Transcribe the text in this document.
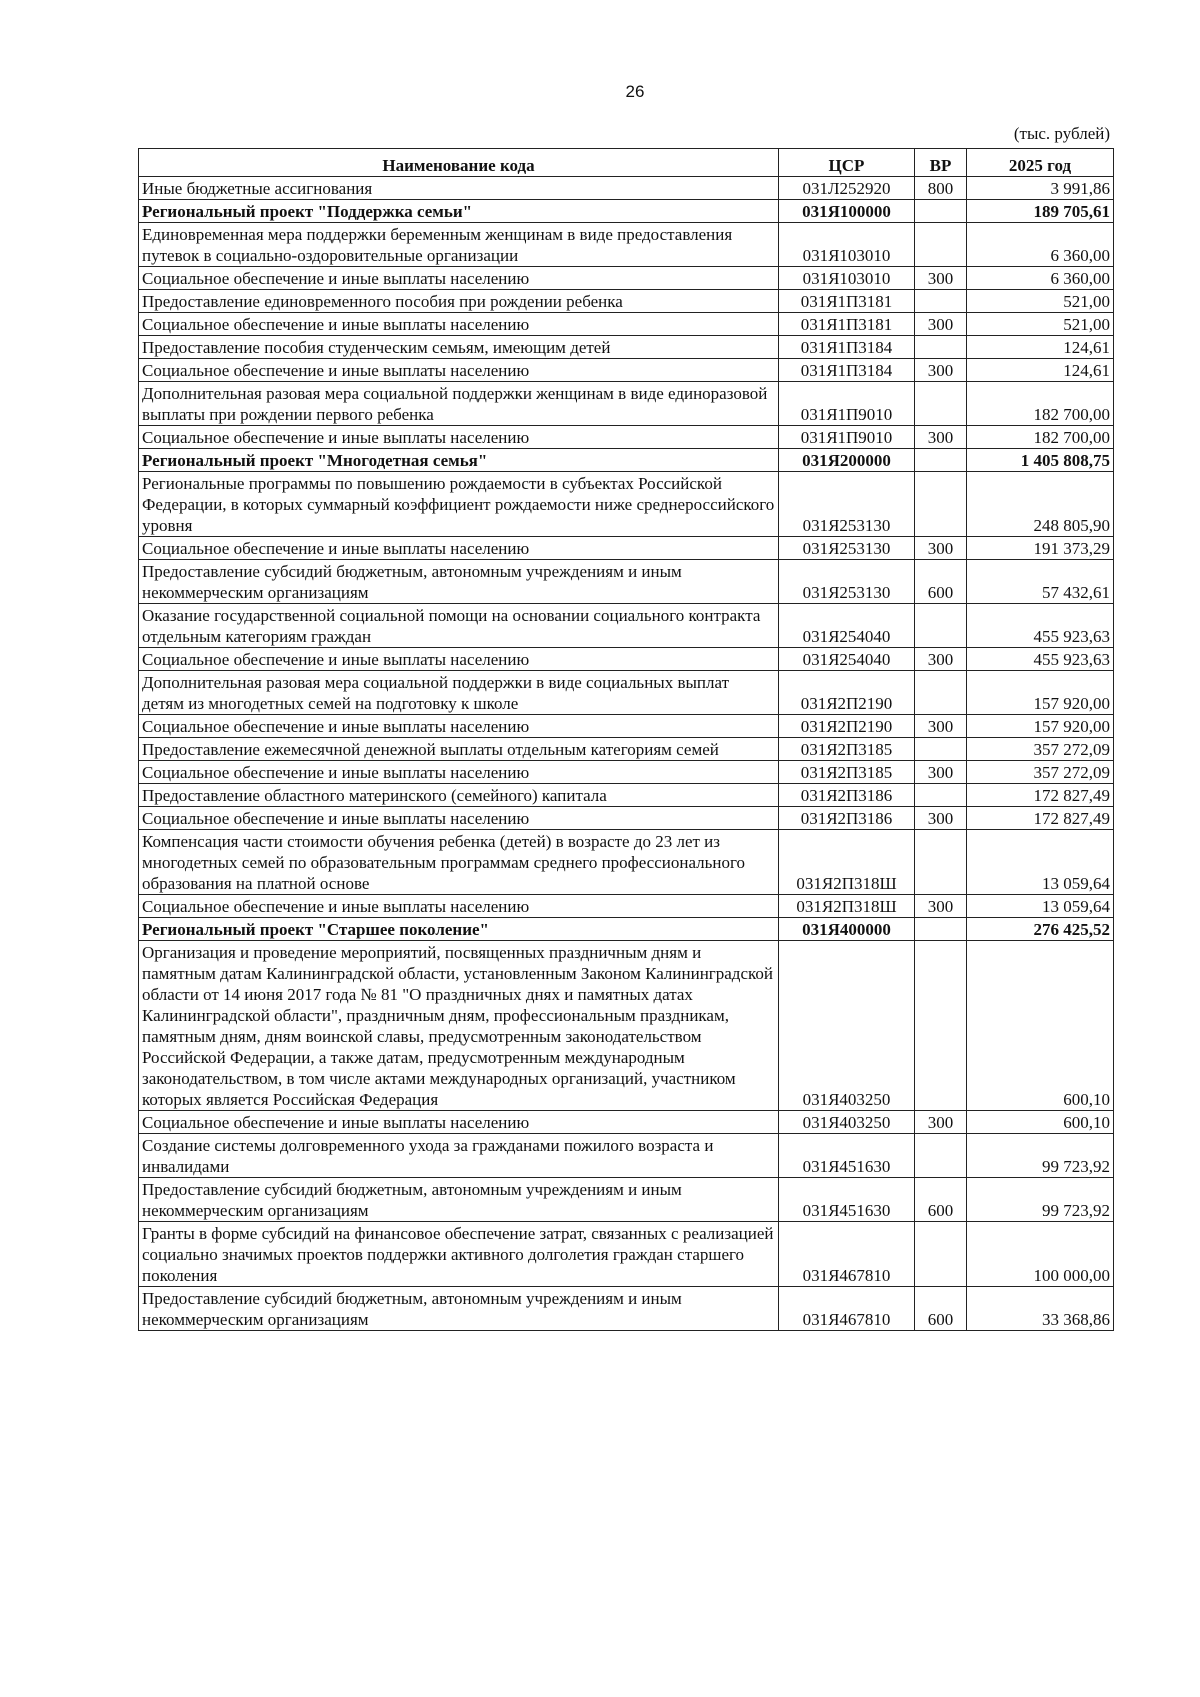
26
(тыс. рублей)
Наименование кода	ЦСР	ВР	2025 год
Иные бюджетные ассигнования	031Л252920	800	3 991,86
Региональный проект "Поддержка семьи"	031Я100000		189 705,61
Единовременная мера поддержки беременным женщинам в виде предоставления путевок в социально-оздоровительные организации	031Я103010		6 360,00
Социальное обеспечение и иные выплаты населению	031Я103010	300	6 360,00
Предоставление единовременного пособия при рождении ребенка	031Я1П3181		521,00
Социальное обеспечение и иные выплаты населению	031Я1П3181	300	521,00
Предоставление пособия студенческим семьям, имеющим детей	031Я1П3184		124,61
Социальное обеспечение и иные выплаты населению	031Я1П3184	300	124,61
Дополнительная разовая мера социальной поддержки женщинам в виде единоразовой выплаты при рождении первого ребенка	031Я1П9010		182 700,00
Социальное обеспечение и иные выплаты населению	031Я1П9010	300	182 700,00
Региональный проект "Многодетная семья"	031Я200000		1 405 808,75
Региональные программы по повышению рождаемости в субъектах Российской Федерации, в которых суммарный коэффициент рождаемости ниже среднероссийского уровня	031Я253130		248 805,90
Социальное обеспечение и иные выплаты населению	031Я253130	300	191 373,29
Предоставление субсидий бюджетным, автономным учреждениям и иным некоммерческим организациям	031Я253130	600	57 432,61
Оказание государственной социальной помощи на основании социального контракта отдельным категориям граждан	031Я254040		455 923,63
Социальное обеспечение и иные выплаты населению	031Я254040	300	455 923,63
Дополнительная разовая мера социальной поддержки в виде социальных выплат детям из многодетных семей на подготовку к школе	031Я2П2190		157 920,00
Социальное обеспечение и иные выплаты населению	031Я2П2190	300	157 920,00
Предоставление ежемесячной денежной выплаты отдельным категориям семей	031Я2П3185		357 272,09
Социальное обеспечение и иные выплаты населению	031Я2П3185	300	357 272,09
Предоставление областного материнского (семейного) капитала	031Я2П3186		172 827,49
Социальное обеспечение и иные выплаты населению	031Я2П3186	300	172 827,49
Компенсация части стоимости обучения ребенка (детей) в возрасте до 23 лет из многодетных семей по образовательным программам среднего профессионального образования на платной основе	031Я2П318Ш		13 059,64
Социальное обеспечение и иные выплаты населению	031Я2П318Ш	300	13 059,64
Региональный проект "Старшее поколение"	031Я400000		276 425,52
Организация и проведение мероприятий, посвященных праздничным дням и памятным датам Калининградской области, установленным Законом Калининградской области от 14 июня 2017 года № 81 "О праздничных днях и памятных датах Калининградской области", праздничным дням, профессиональным праздникам, памятным дням, дням воинской славы, предусмотренным законодательством Российской Федерации, а также датам, предусмотренным международным законодательством, в том числе актами международных организаций, участником которых является Российская Федерация	031Я403250		600,10
Социальное обеспечение и иные выплаты населению	031Я403250	300	600,10
Создание системы долговременного ухода за гражданами пожилого возраста и инвалидами	031Я451630		99 723,92
Предоставление субсидий бюджетным, автономным учреждениям и иным некоммерческим организациям	031Я451630	600	99 723,92
Гранты в форме субсидий на финансовое обеспечение затрат, связанных с реализацией социально значимых проектов поддержки активного долголетия граждан старшего поколения	031Я467810		100 000,00
Предоставление субсидий бюджетным, автономным учреждениям и иным некоммерческим организациям	031Я467810	600	33 368,86
